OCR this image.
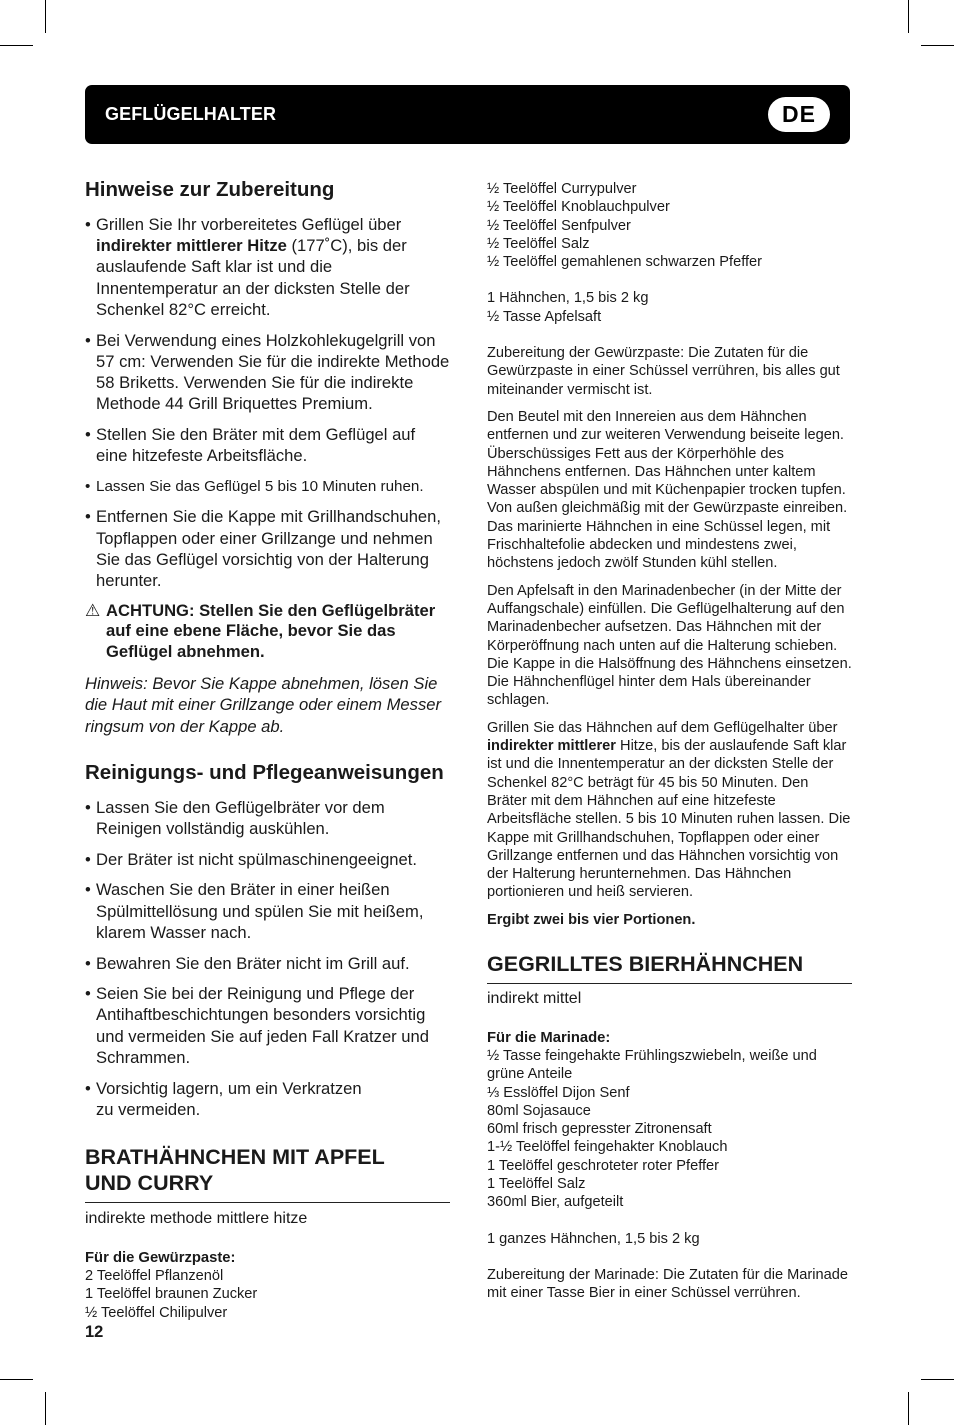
GEFLÜGELHALTER	DE
Hinweise zur Zubereitung
• Grillen Sie Ihr vorbereitetes Geflügel über indirekter mittlerer Hitze (177˚C), bis der auslaufende Saft klar ist und die Innentemperatur an der dicksten Stelle der Schenkel 82°C erreicht.
• Bei Verwendung eines Holzkohlekugelgrill von 57 cm: Verwenden Sie für die indirekte Methode 58 Briketts. Verwenden Sie für die indirekte Methode 44 Grill Briquettes Premium.
• Stellen Sie den Bräter mit dem Geflügel auf eine hitzefeste Arbeitsfläche.
• Lassen Sie das Geflügel 5 bis 10 Minuten ruhen.
• Entfernen Sie die Kappe mit Grillhandschuhen, Topflappen oder einer Grillzange und nehmen Sie das Geflügel vorsichtig von der Halterung herunter.
⚠ ACHTUNG: Stellen Sie den Geflügelbräter auf eine ebene Fläche, bevor Sie das Geflügel abnehmen.
Hinweis: Bevor Sie Kappe abnehmen, lösen Sie die Haut mit einer Grillzange oder einem Messer ringsum von der Kappe ab.
Reinigungs- und Pflegeanweisungen
• Lassen Sie den Geflügelbräter vor dem Reinigen vollständig auskühlen.
• Der Bräter ist nicht spülmaschinengeeignet.
• Waschen Sie den Bräter in einer heißen Spülmittellösung und spülen Sie mit heißem, klarem Wasser nach.
• Bewahren Sie den Bräter nicht im Grill auf.
• Seien Sie bei der Reinigung und Pflege der Antihaftbeschichtungen besonders vorsichtig und vermeiden Sie auf jeden Fall Kratzer und Schrammen.
• Vorsichtig lagern, um ein Verkratzen zu vermeiden.
BRATHÄHNCHEN MIT APFEL
UND CURRY
indirekte methode mittlere hitze
Für die Gewürzpaste:
2 Teelöffel Pflanzenöl
1 Teelöffel braunen Zucker
½ Teelöffel Chilipulver
12
½ Teelöffel Currypulver
½ Teelöffel Knoblauchpulver
½ Teelöffel Senfpulver
½ Teelöffel Salz
½ Teelöffel gemahlenen schwarzen Pfeffer
1 Hähnchen, 1,5 bis 2 kg
½ Tasse Apfelsaft
Zubereitung der Gewürzpaste: Die Zutaten für die Gewürzpaste in einer Schüssel verrühren, bis alles gut miteinander vermischt ist.
Den Beutel mit den Innereien aus dem Hähnchen entfernen und zur weiteren Verwendung beiseite legen. Überschüssiges Fett aus der Körperhöhle des Hähnchens entfernen. Das Hähnchen unter kaltem Wasser abspülen und mit Küchenpapier trocken tupfen. Von außen gleichmäßig mit der Gewürzpaste einreiben. Das marinierte Hähnchen in eine Schüssel legen, mit Frischhaltefolie abdecken und mindestens zwei, höchstens jedoch zwölf Stunden kühl stellen.
Den Apfelsaft in den Marinadenbecher (in der Mitte der Auffangschale) einfüllen. Die Geflügelhalterung auf den Marinadenbecher aufsetzen. Das Hähnchen mit der Körperöffnung nach unten auf die Halterung schieben. Die Kappe in die Halsöffnung des Hähnchens einsetzen. Die Hähnchenflügel hinter dem Hals übereinander schlagen.
Grillen Sie das Hähnchen auf dem Geflügelhalter über indirekter mittlerer Hitze, bis der auslaufende Saft klar ist und die Innentemperatur an der dicksten Stelle der Schenkel 82°C beträgt für 45 bis 50 Minuten. Den Bräter mit dem Hähnchen auf eine hitzefeste Arbeitsfläche stellen. 5 bis 10 Minuten ruhen lassen. Die Kappe mit Grillhandschuhen, Topflappen oder einer Grillzange entfernen und das Hähnchen vorsichtig von der Halterung herunternehmen. Das Hähnchen portionieren und heiß servieren.
Ergibt zwei bis vier Portionen.
GEGRILLTES BIERHÄHNCHEN
indirekt mittel
Für die Marinade:
½ Tasse feingehakte Frühlingszwiebeln, weiße und grüne Anteile
⅓ Esslöffel Dijon Senf
80ml Sojasauce
60ml frisch gepresster Zitronensaft
1-½ Teelöffel feingehakter Knoblauch
1 Teelöffel geschroteter roter Pfeffer
1 Teelöffel Salz
360ml Bier, aufgeteilt
1 ganzes Hähnchen, 1,5 bis 2 kg
Zubereitung der Marinade: Die Zutaten für die Marinade mit einer Tasse Bier in einer Schüssel verrühren.
